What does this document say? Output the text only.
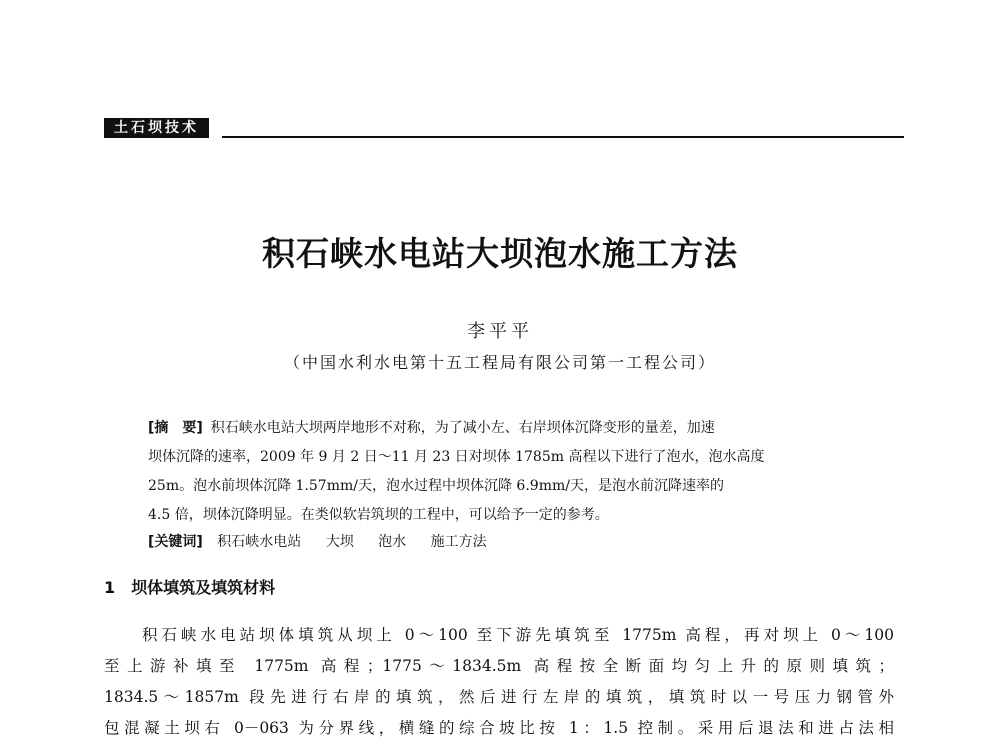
土石坝技术
积石峡水电站大坝泡水施工方法
李平平
（中国水利水电第十五工程局有限公司第一工程公司）
[摘　要] 积石峡水电站大坝两岸地形不对称，为了减小左、右岸坝体沉降变形的量差，加速
坝体沉降的速率，2009 年 9 月 2 日～11 月 23 日对坝体 1785m 高程以下进行了泡水，泡水高度
25m。泡水前坝体沉降 1.57mm/天，泡水过程中坝体沉降 6.9mm/天，是泡水前沉降速率的
4.5 倍，坝体沉降明显。在类似软岩筑坝的工程中，可以给予一定的参考。
[关键词] 积石峡水电站 大坝 泡水 施工方法
1 坝体填筑及填筑材料
积石峡水电站坝体填筑从坝上 0～100 至下游先填筑至 1775m 高程，再对坝上 0～100
至上游补填至 1775m 高程；1775～1834.5m 高程按全断面均匀上升的原则填筑；
1834.5～1857m 段先进行右岸的填筑，然后进行左岸的填筑，填筑时以一号压力钢管外
包混凝土坝右 0－063 为分界线，横缝的综合坡比按 1：1.5 控制。采用后退法和进占法相
